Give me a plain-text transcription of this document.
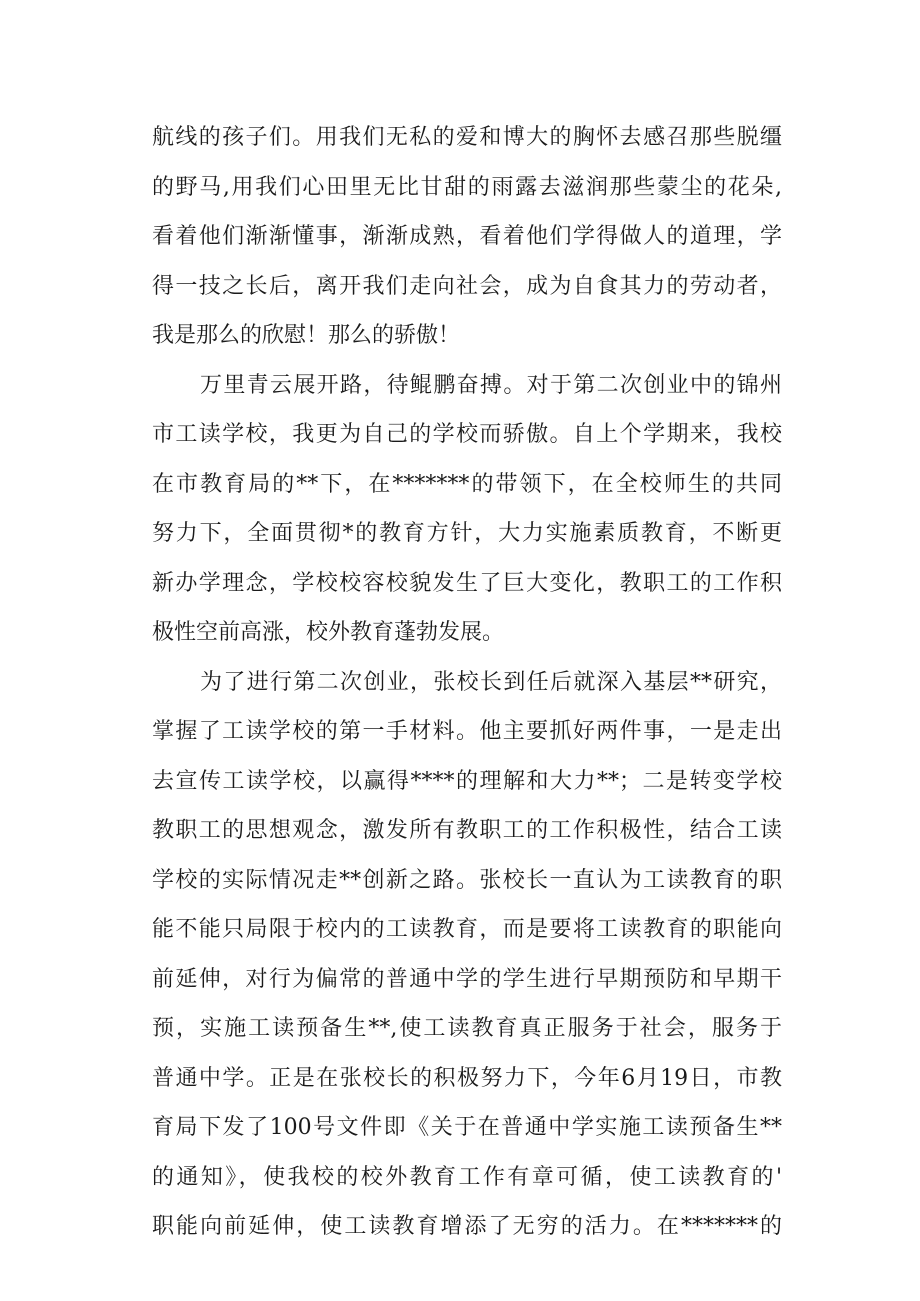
航线的孩子们。用我们无私的爱和博大的胸怀去感召那些脱缰
的野马,用我们心田里无比甘甜的雨露去滋润那些蒙尘的花朵,
看着他们渐渐懂事，渐渐成熟，看着他们学得做人的道理，学
得一技之长后，离开我们走向社会，成为自食其力的劳动者，
我是那么的欣慰！那么的骄傲！
万里青云展开路，待鲲鹏奋搏。对于第二次创业中的锦州
市工读学校，我更为自己的学校而骄傲。自上个学期来，我校
在市教育局的**下，在*******的带领下，在全校师生的共同
努力下，全面贯彻*的教育方针，大力实施素质教育，不断更
新办学理念，学校校容校貌发生了巨大变化，教职工的工作积
极性空前高涨，校外教育蓬勃发展。
为了进行第二次创业，张校长到任后就深入基层**研究，
掌握了工读学校的第一手材料。他主要抓好两件事，一是走出
去宣传工读学校，以赢得****的理解和大力**；二是转变学校
教职工的思想观念，激发所有教职工的工作积极性，结合工读
学校的实际情况走**创新之路。张校长一直认为工读教育的职
能不能只局限于校内的工读教育，而是要将工读教育的职能向
前延伸，对行为偏常的普通中学的学生进行早期预防和早期干
预，实施工读预备生**,使工读教育真正服务于社会，服务于
普通中学。正是在张校长的积极努力下，今年6月19日，市教
育局下发了100号文件即《关于在普通中学实施工读预备生**
的通知》，使我校的校外教育工作有章可循，使工读教育的'
职能向前延伸，使工读教育增添了无穷的活力。在*******的
